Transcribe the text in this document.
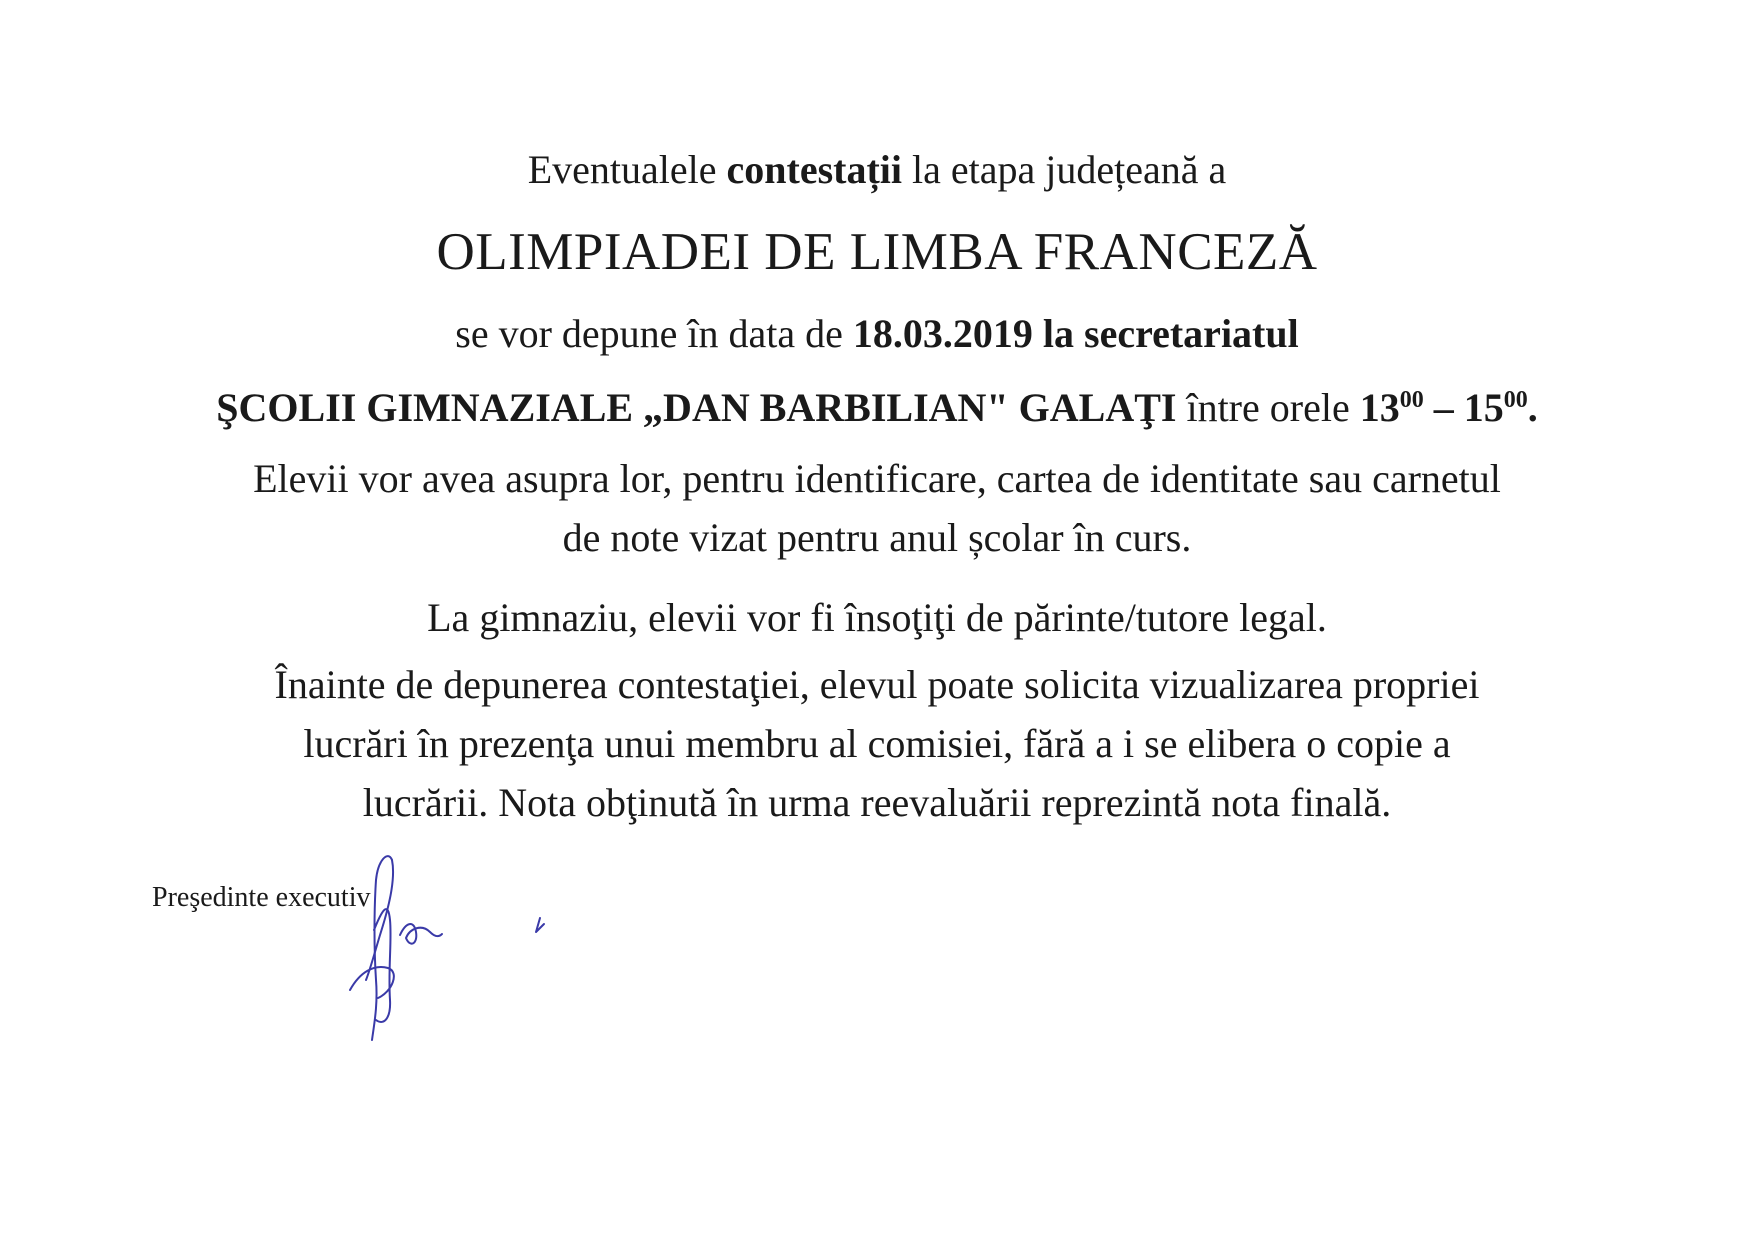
Eventualele contestații la etapa județeană a
OLIMPIADEI DE LIMBA FRANCEZĂ
se vor depune în data de 18.03.2019 la secretariatul
ŞCOLII GIMNAZIALE „DAN BARBILIAN" GALAŢI între orele $13^{00} - 15^{00}$.
Elevii vor avea asupra lor, pentru identificare, cartea de identitate sau carnetul
de note vizat pentru anul școlar în curs.
La gimnaziu, elevii vor fi însoţiţi de părinte/tutore legal.
Înainte de depunerea contestaţiei, elevul poate solicita vizualizarea propriei
lucrări în prezenţa unui membru al comisiei, fără a i se elibera o copie a
lucrării. Nota obţinută în urma reevaluării reprezintă nota finală.
Preşedinte executiv
